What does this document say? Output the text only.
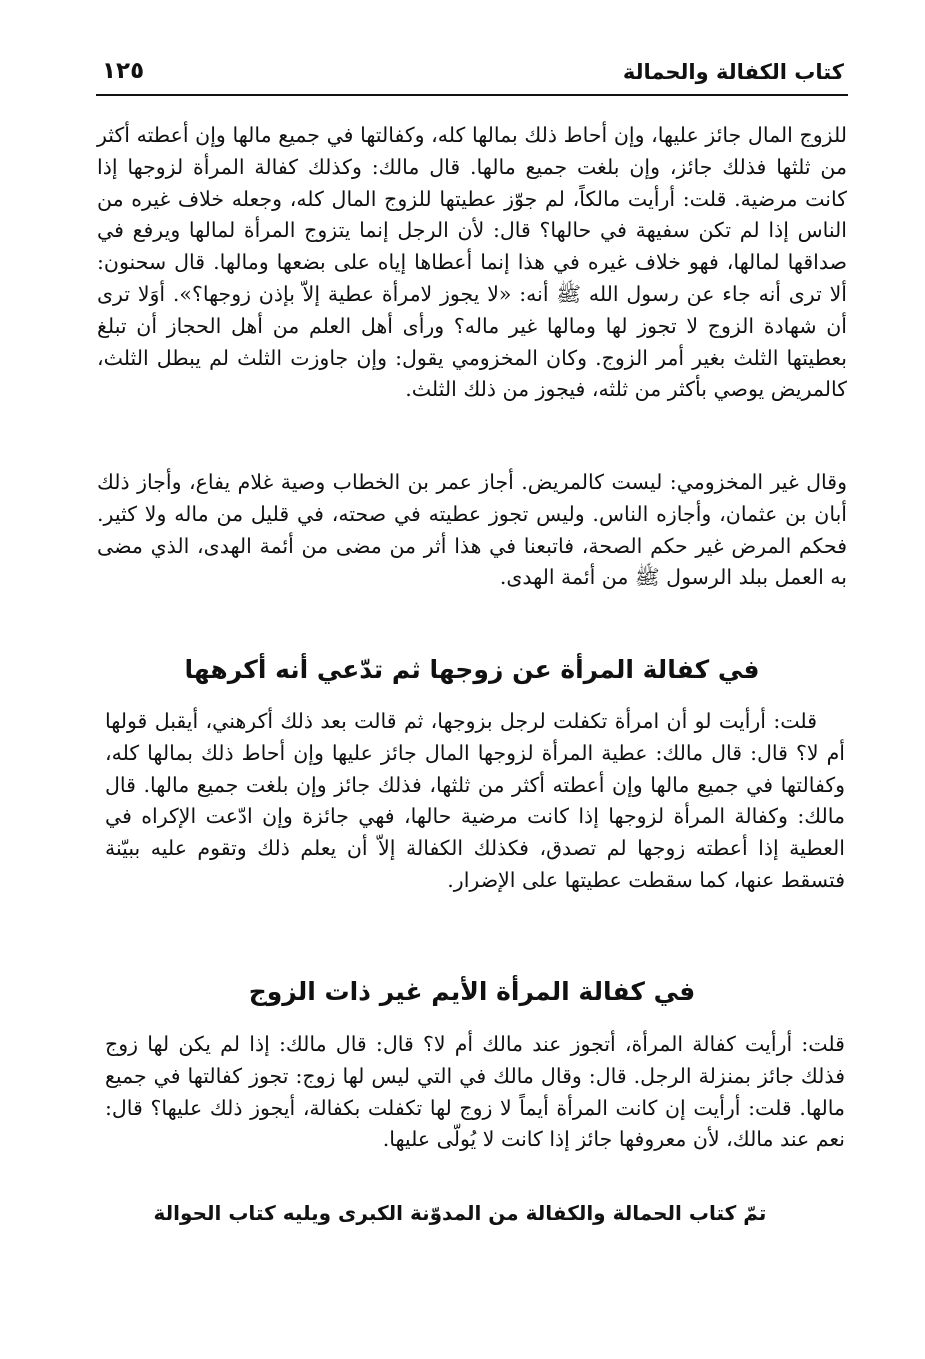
كتاب الكفالة والحمالة
١٢٥

للزوج المال جائز عليها، وإن أحاط ذلك بمالها كله، وكفالتها في جميع مالها وإن أعطته أكثر من ثلثها فذلك جائز، وإن بلغت جميع مالها. قال مالك: وكذلك كفالة المرأة لزوجها إذا كانت مرضية. قلت: أرأيت مالكاً، لم جوّز عطيتها للزوج المال كله، وجعله خلاف غيره من الناس إذا لم تكن سفيهة في حالها؟ قال: لأن الرجل إنما يتزوج المرأة لمالها ويرفع في صداقها لمالها، فهو خلاف غيره في هذا إنما أعطاها إياه على بضعها ومالها. قال سحنون: ألا ترى أنه جاء عن رسول الله ﷺ أنه: «لا يجوز لامرأة عطية إلاّ بإذن زوجها؟». أوَلا ترى أن شهادة الزوج لا تجوز لها ومالها غير ماله؟ ورأى أهل العلم من أهل الحجاز أن تبلغ بعطيتها الثلث بغير أمر الزوج. وكان المخزومي يقول: وإن جاوزت الثلث لم يبطل الثلث، كالمريض يوصي بأكثر من ثلثه، فيجوز من ذلك الثلث.

وقال غير المخزومي: ليست كالمريض. أجاز عمر بن الخطاب وصية غلام يفاع، وأجاز ذلك أبان بن عثمان، وأجازه الناس. وليس تجوز عطيته في صحته، في قليل من ماله ولا كثير. فحكم المرض غير حكم الصحة، فاتبعنا في هذا أثر من مضى من أئمة الهدى، الذي مضى به العمل ببلد الرسول ﷺ من أئمة الهدى.

في كفالة المرأة عن زوجها ثم تدّعي أنه أكرهها

قلت: أرأيت لو أن امرأة تكفلت لرجل بزوجها، ثم قالت بعد ذلك أكرهني، أيقبل قولها أم لا؟ قال: قال مالك: عطية المرأة لزوجها المال جائز عليها وإن أحاط ذلك بمالها كله، وكفالتها في جميع مالها وإن أعطته أكثر من ثلثها، فذلك جائز وإن بلغت جميع مالها. قال مالك: وكفالة المرأة لزوجها إذا كانت مرضية حالها، فهي جائزة وإن ادّعت الإكراه في العطية إذا أعطته زوجها لم تصدق، فكذلك الكفالة إلاّ أن يعلم ذلك وتقوم عليه ببيّنة فتسقط عنها، كما سقطت عطيتها على الإضرار.

في كفالة المرأة الأيم غير ذات الزوج

قلت: أرأيت كفالة المرأة، أتجوز عند مالك أم لا؟ قال: قال مالك: إذا لم يكن لها زوج فذلك جائز بمنزلة الرجل. قال: وقال مالك في التي ليس لها زوج: تجوز كفالتها في جميع مالها. قلت: أرأيت إن كانت المرأة أيماً لا زوج لها تكفلت بكفالة، أيجوز ذلك عليها؟ قال: نعم عند مالك، لأن معروفها جائز إذا كانت لا يُولّى عليها.

تمّ كتاب الحمالة والكفالة من المدوّنة الكبرى ويليه كتاب الحوالة
